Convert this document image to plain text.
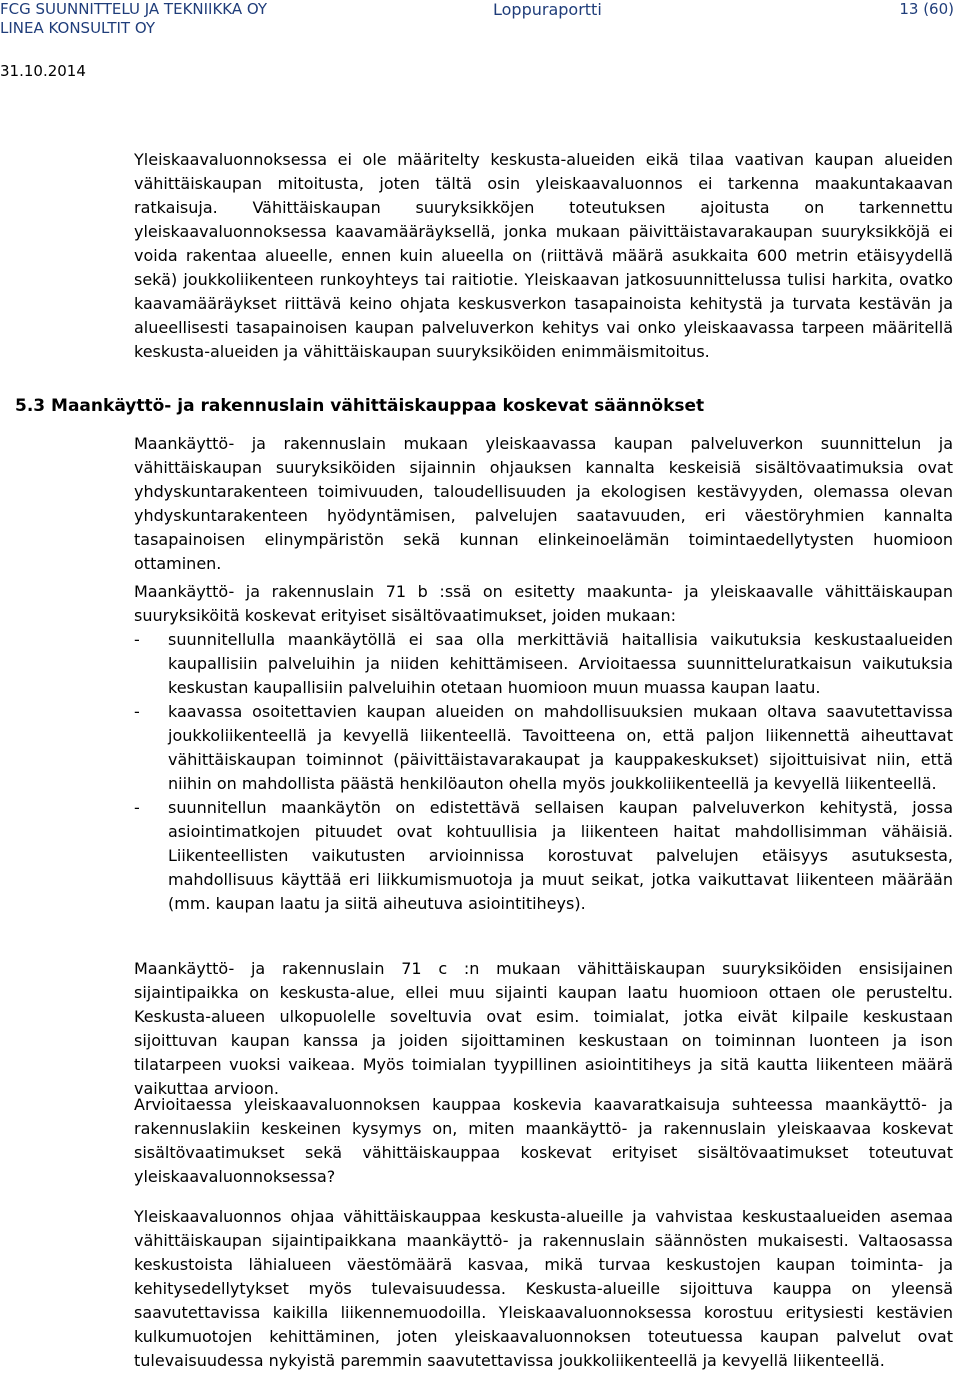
FCG SUUNNITTELU JA TEKNIIKKA OY
LINEA KONSULTIT OY
Loppuraportti	13 (60)
31.10.2014

Yleiskaavaluonnoksessa ei ole määritelty keskusta-alueiden eikä tilaa vaativan kaupan alueiden vähittäiskaupan mitoitusta, joten tältä osin yleiskaavaluonnos ei tarkenna maakuntakaavan ratkaisuja. Vähittäiskaupan suuryksikköjen toteutuksen ajoitusta on tarkennettu yleiskaavaluonnoksessa kaavamääräyksellä, jonka mukaan päivittäistavarakaupan suuryksikköjä ei voida rakentaa alueelle, ennen kuin alueella on (riittävä määrä asukkaita 600 metrin etäisyydellä sekä) joukkoliikenteen runkoyhteys tai raitiotie. Yleiskaavan jatkosuunnittelussa tulisi harkita, ovatko kaavamääräykset riittävä keino ohjata keskusverkon tasapainoista kehitystä ja turvata kestävän ja alueellisesti tasapainoisen kaupan palveluverkon kehitys vai onko yleiskaavassa tarpeen määritellä keskusta-alueiden ja vähittäiskaupan suuryksiköiden enimmäismitoitus.

5.3 Maankäyttö- ja rakennuslain vähittäiskauppaa koskevat säännökset

Maankäyttö- ja rakennuslain mukaan yleiskaavassa kaupan palveluverkon suunnittelun ja vähittäiskaupan suuryksiköiden sijainnin ohjauksen kannalta keskeisiä sisältövaatimuksia ovat yhdyskuntarakenteen toimivuuden, taloudellisuuden ja ekologisen kestävyyden, olemassa olevan yhdyskuntarakenteen hyödyntämisen, palvelujen saatavuuden, eri väestöryhmien kannalta tasapainoisen elinympäristön sekä kunnan elinkeinoelämän toimintaedellytysten huomioon ottaminen.

Maankäyttö- ja rakennuslain 71 b :ssä on esitetty maakunta- ja yleiskaavalle vähittäiskaupan suuryksiköitä koskevat erityiset sisältövaatimukset, joiden mukaan:

- suunnitellulla maankäytöllä ei saa olla merkittäviä haitallisia vaikutuksia keskustaalueiden kaupallisiin palveluihin ja niiden kehittämiseen. Arvioitaessa suunnitteluratkaisun vaikutuksia keskustan kaupallisiin palveluihin otetaan huomioon muun muassa kaupan laatu.
- kaavassa osoitettavien kaupan alueiden on mahdollisuuksien mukaan oltava saavutettavissa joukkoliikenteellä ja kevyellä liikenteellä. Tavoitteena on, että paljon liikennettä aiheuttavat vähittäiskaupan toiminnot (päivittäistavarakaupat ja kauppakeskukset) sijoittuisivat niin, että niihin on mahdollista päästä henkilöauton ohella myös joukkoliikenteellä ja kevyellä liikenteellä.
- suunnitellun maankäytön on edistettävä sellaisen kaupan palveluverkon kehitystä, jossa asiointimatkojen pituudet ovat kohtuullisia ja liikenteen haitat mahdollisimman vähäisiä. Liikenteellisten vaikutusten arvioinnissa korostuvat palvelujen etäisyys asutuksesta, mahdollisuus käyttää eri liikkumismuotoja ja muut seikat, jotka vaikuttavat liikenteen määrään (mm. kaupan laatu ja siitä aiheutuva asiointitiheys).

Maankäyttö- ja rakennuslain 71 c :n mukaan vähittäiskaupan suuryksiköiden ensisijainen sijaintipaikka on keskusta-alue, ellei muu sijainti kaupan laatu huomioon ottaen ole perusteltu. Keskusta-alueen ulkopuolelle soveltuvia ovat esim. toimialat, jotka eivät kilpaile keskustaan sijoittuvan kaupan kanssa ja joiden sijoittaminen keskustaan on toiminnan luonteen ja ison tilatarpeen vuoksi vaikeaa. Myös toimialan tyypillinen asiointitiheys ja sitä kautta liikenteen määrä vaikuttaa arvioon.

Arvioitaessa yleiskaavaluonnoksen kauppaa koskevia kaavaratkaisuja suhteessa maankäyttö- ja rakennuslakiin keskeinen kysymys on, miten maankäyttö- ja rakennuslain yleiskaavaa koskevat sisältövaatimukset sekä vähittäiskauppaa koskevat erityiset sisältövaatimukset toteutuvat yleiskaavaluonnoksessa?

Yleiskaavaluonnos ohjaa vähittäiskauppaa keskusta-alueille ja vahvistaa keskustaalueiden asemaa vähittäiskaupan sijaintipaikkana maankäyttö- ja rakennuslain säännösten mukaisesti. Valtaosassa keskustoista lähialueen väestömäärä kasvaa, mikä turvaa keskustojen kaupan toiminta- ja kehitysedellytykset myös tulevaisuudessa. Keskusta-alueille sijoittuva kauppa on yleensä saavutettavissa kaikilla liikennemuodoilla. Yleiskaavaluonnoksessa korostuu eritysiesti kestävien kulkumuotojen kehittäminen, joten yleiskaavaluonnoksen toteutuessa kaupan palvelut ovat tulevaisuudessa nykyistä paremmin saavutettavissa joukkoliikenteellä ja kevyellä liikenteellä.
